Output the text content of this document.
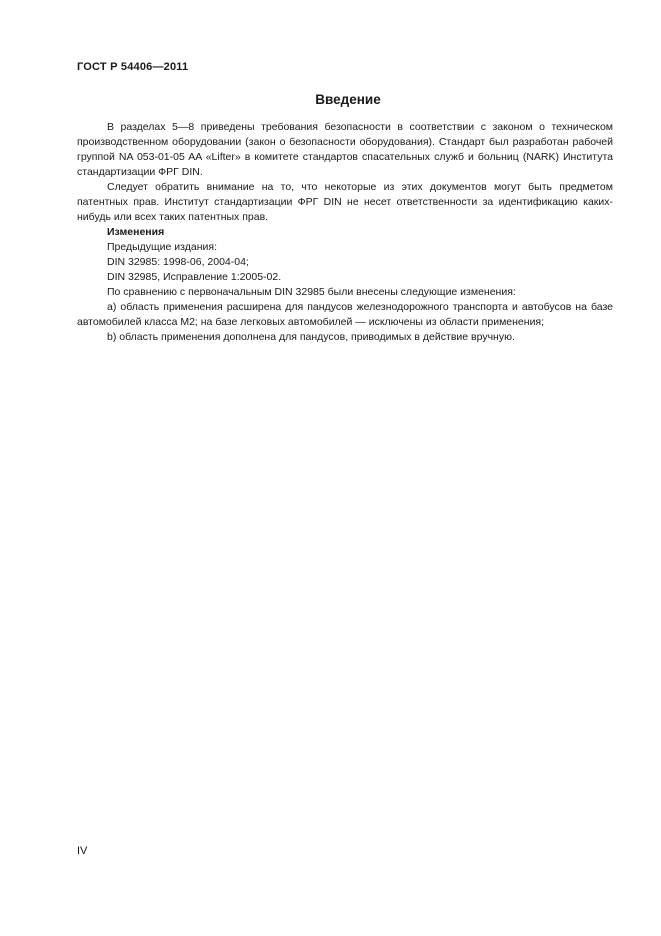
ГОСТ Р 54406—2011
Введение

В разделах 5—8 приведены требования безопасности в соответствии с законом о техническом производственном оборудовании (закон о безопасности оборудования). Стандарт был разработан рабочей группой NA 053-01-05 AA «Lifter» в комитете стандартов спасательных служб и больниц (NARK) Института стандартизации ФРГ DIN.

Следует обратить внимание на то, что некоторые из этих документов могут быть предметом патентных прав. Институт стандартизации ФРГ DIN не несет ответственности за идентификацию каких-нибудь или всех таких патентных прав.

Изменения

Предыдущие издания:

DIN 32985: 1998-06, 2004-04;

DIN 32985, Исправление 1:2005-02.

По сравнению с первоначальным DIN 32985 были внесены следующие изменения:

а) область применения расширена для пандусов железнодорожного транспорта и автобусов на базе автомобилей класса М2; на базе легковых автомобилей — исключены из области применения;

b) область применения дополнена для пандусов, приводимых в действие вручную.

IV
